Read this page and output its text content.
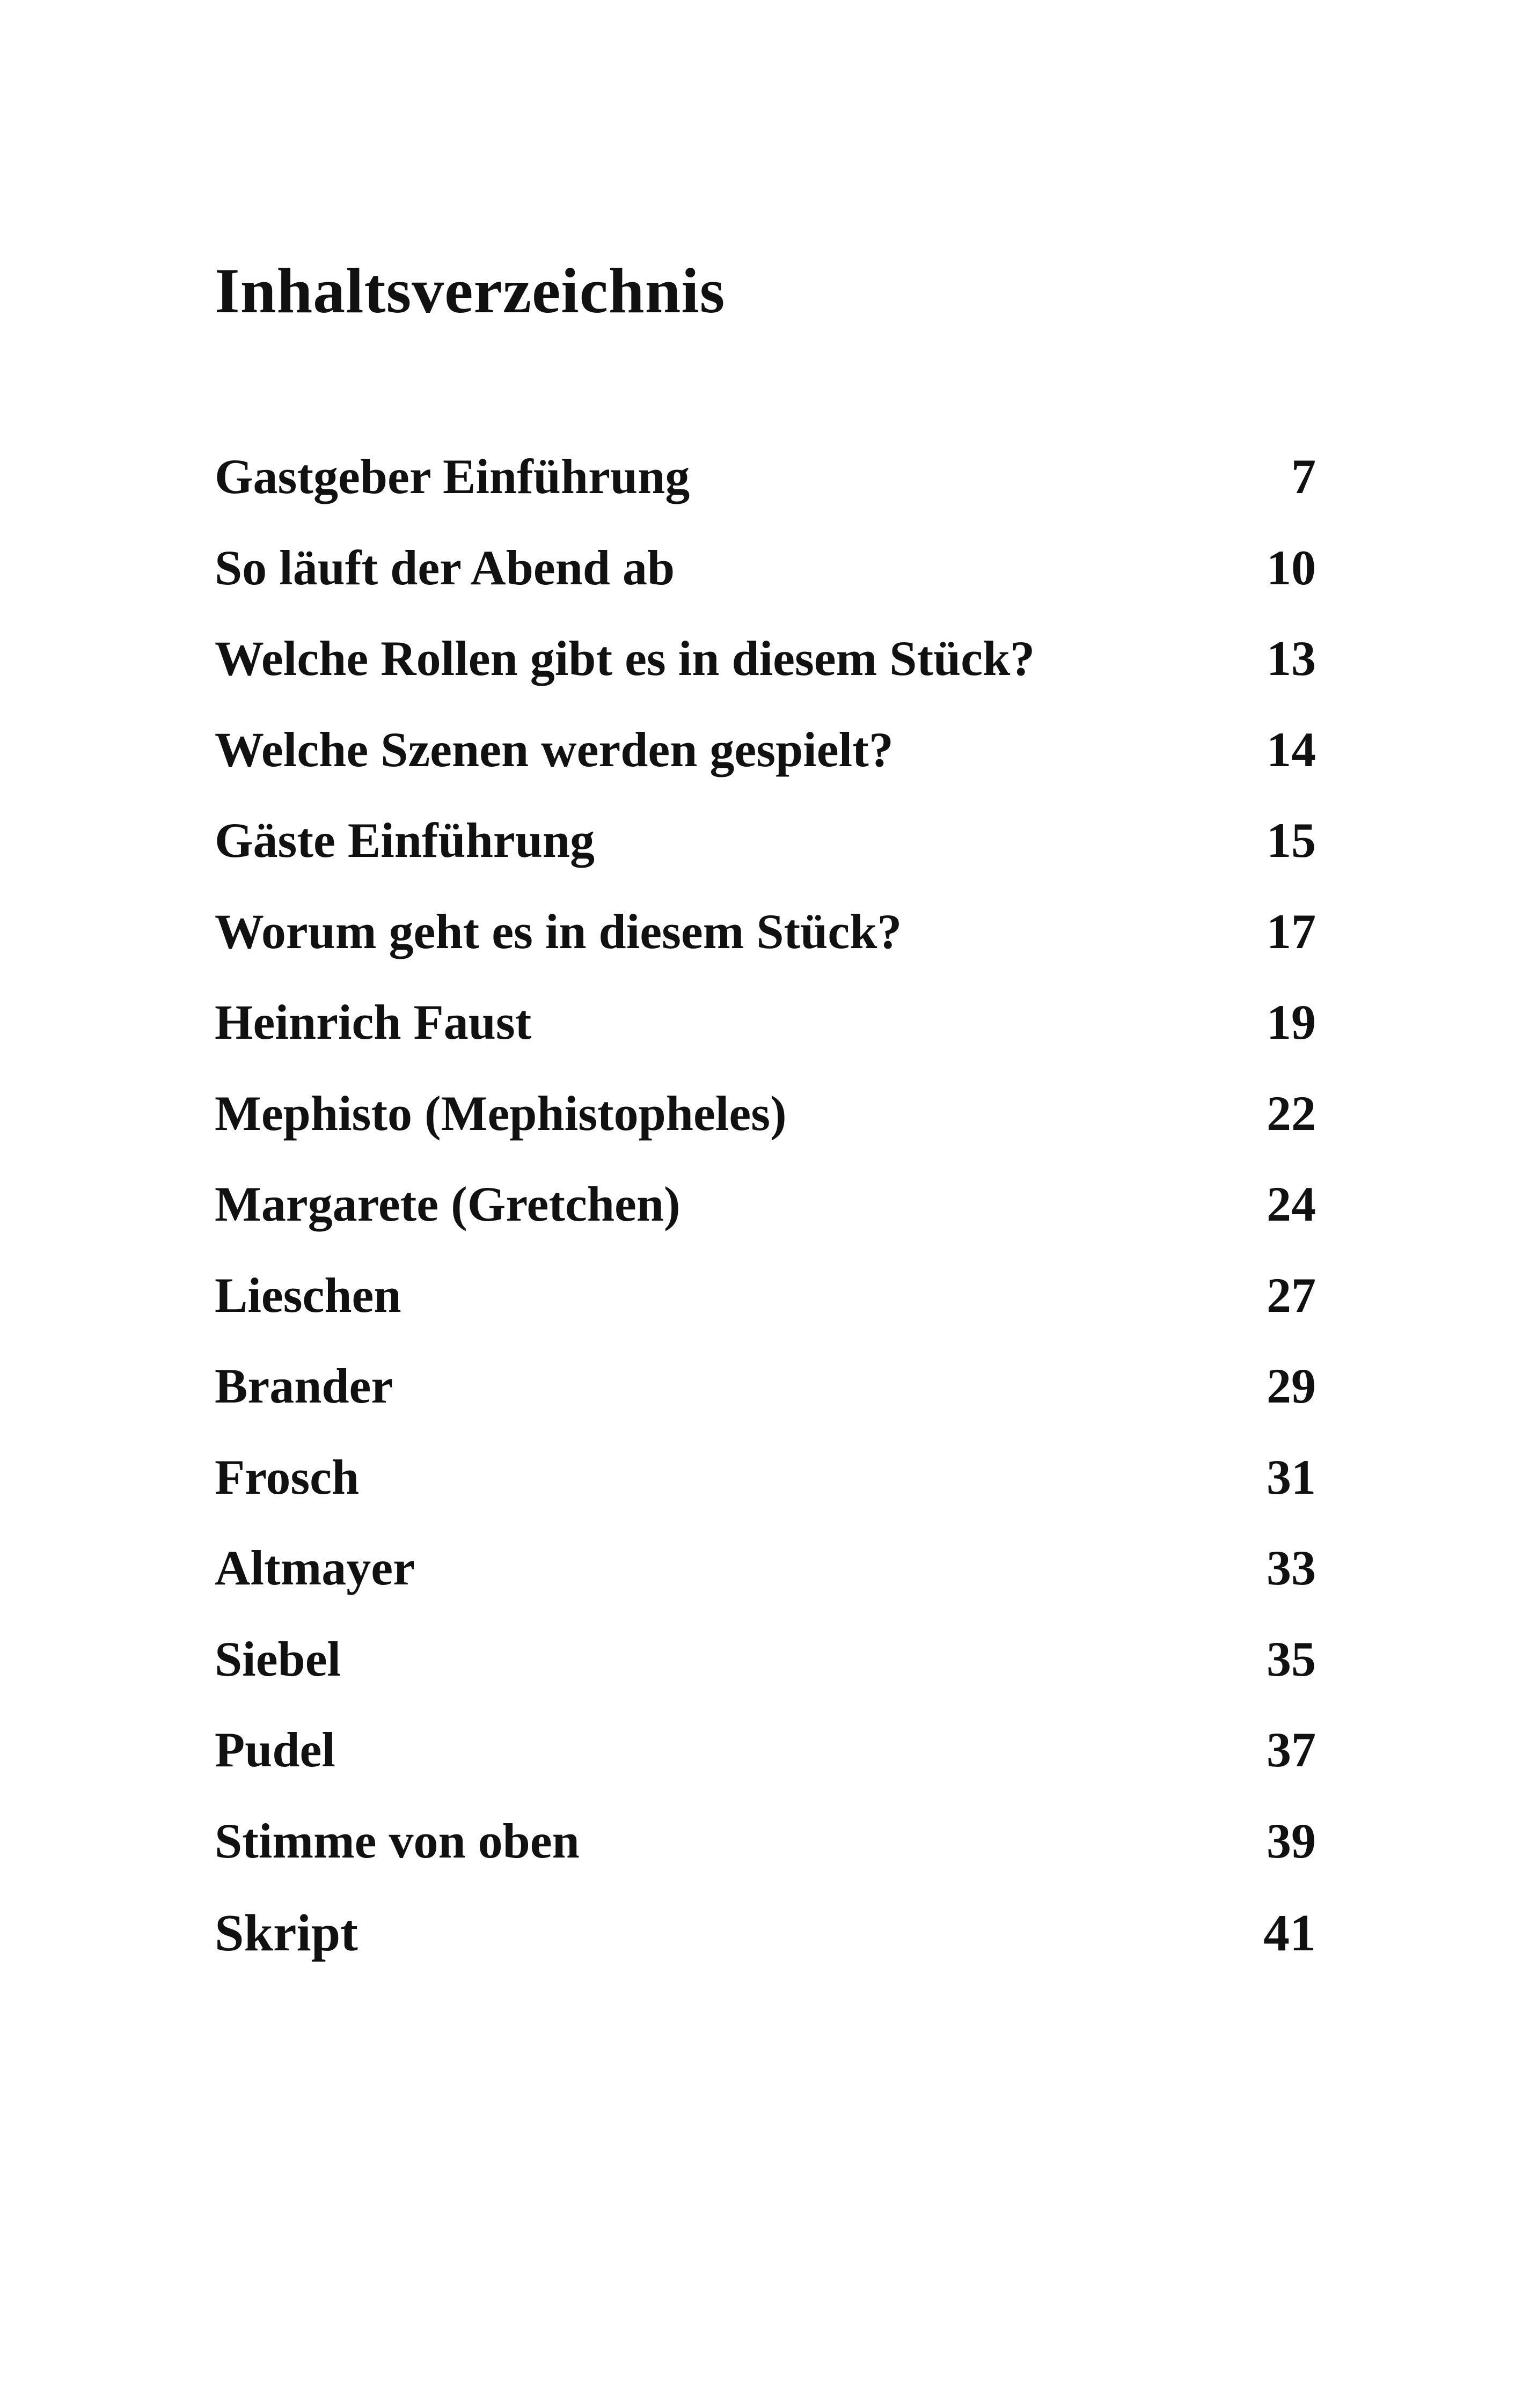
Inhaltsverzeichnis
Gastgeber Einführung	7
So läuft der Abend ab	10
Welche Rollen gibt es in diesem Stück?	13
Welche Szenen werden gespielt?	14
Gäste Einführung	15
Worum geht es in diesem Stück?	17
Heinrich Faust	19
Mephisto (Mephistopheles)	22
Margarete (Gretchen)	24
Lieschen	27
Brander	29
Frosch	31
Altmayer	33
Siebel	35
Pudel	37
Stimme von oben	39
Skript	41
